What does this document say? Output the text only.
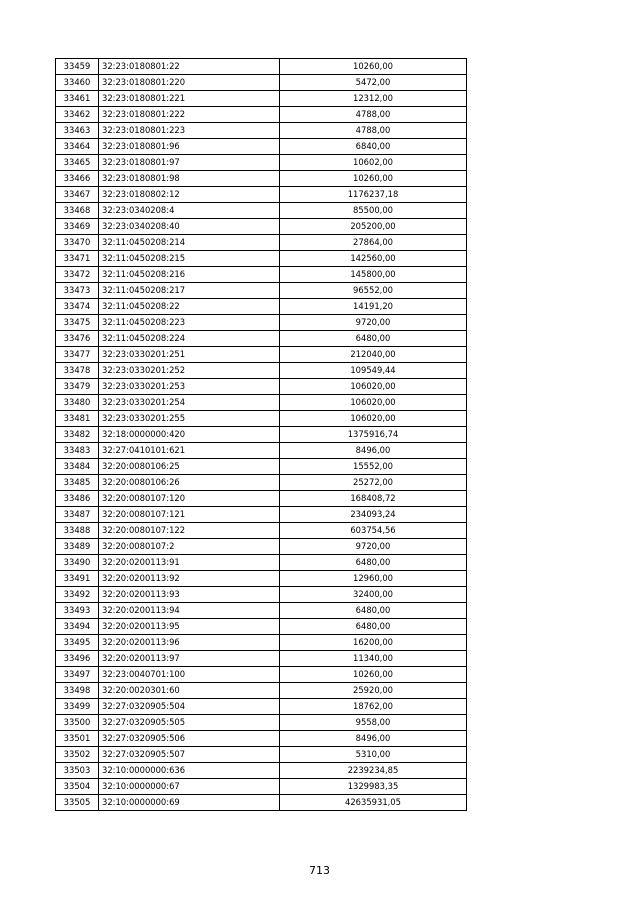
33459	32:23:0180801:22	10260,00
33460	32:23:0180801:220	5472,00
33461	32:23:0180801:221	12312,00
33462	32:23:0180801:222	4788,00
33463	32:23:0180801:223	4788,00
33464	32:23:0180801:96	6840,00
33465	32:23:0180801:97	10602,00
33466	32:23:0180801:98	10260,00
33467	32:23:0180802:12	1176237,18
33468	32:23:0340208:4	85500,00
33469	32:23:0340208:40	205200,00
33470	32:11:0450208:214	27864,00
33471	32:11:0450208:215	142560,00
33472	32:11:0450208:216	145800,00
33473	32:11:0450208:217	96552,00
33474	32:11:0450208:22	14191,20
33475	32:11:0450208:223	9720,00
33476	32:11:0450208:224	6480,00
33477	32:23:0330201:251	212040,00
33478	32:23:0330201:252	109549,44
33479	32:23:0330201:253	106020,00
33480	32:23:0330201:254	106020,00
33481	32:23:0330201:255	106020,00
33482	32:18:0000000:420	1375916,74
33483	32:27:0410101:621	8496,00
33484	32:20:0080106:25	15552,00
33485	32:20:0080106:26	25272,00
33486	32:20:0080107:120	168408,72
33487	32:20:0080107:121	234093,24
33488	32:20:0080107:122	603754,56
33489	32:20:0080107:2	9720,00
33490	32:20:0200113:91	6480,00
33491	32:20:0200113:92	12960,00
33492	32:20:0200113:93	32400,00
33493	32:20:0200113:94	6480,00
33494	32:20:0200113:95	6480,00
33495	32:20:0200113:96	16200,00
33496	32:20:0200113:97	11340,00
33497	32:23:0040701:100	10260,00
33498	32:20:0020301:60	25920,00
33499	32:27:0320905:504	18762,00
33500	32:27:0320905:505	9558,00
33501	32:27:0320905:506	8496,00
33502	32:27:0320905:507	5310,00
33503	32:10:0000000:636	2239234,85
33504	32:10:0000000:67	1329983,35
33505	32:10:0000000:69	42635931,05
713
